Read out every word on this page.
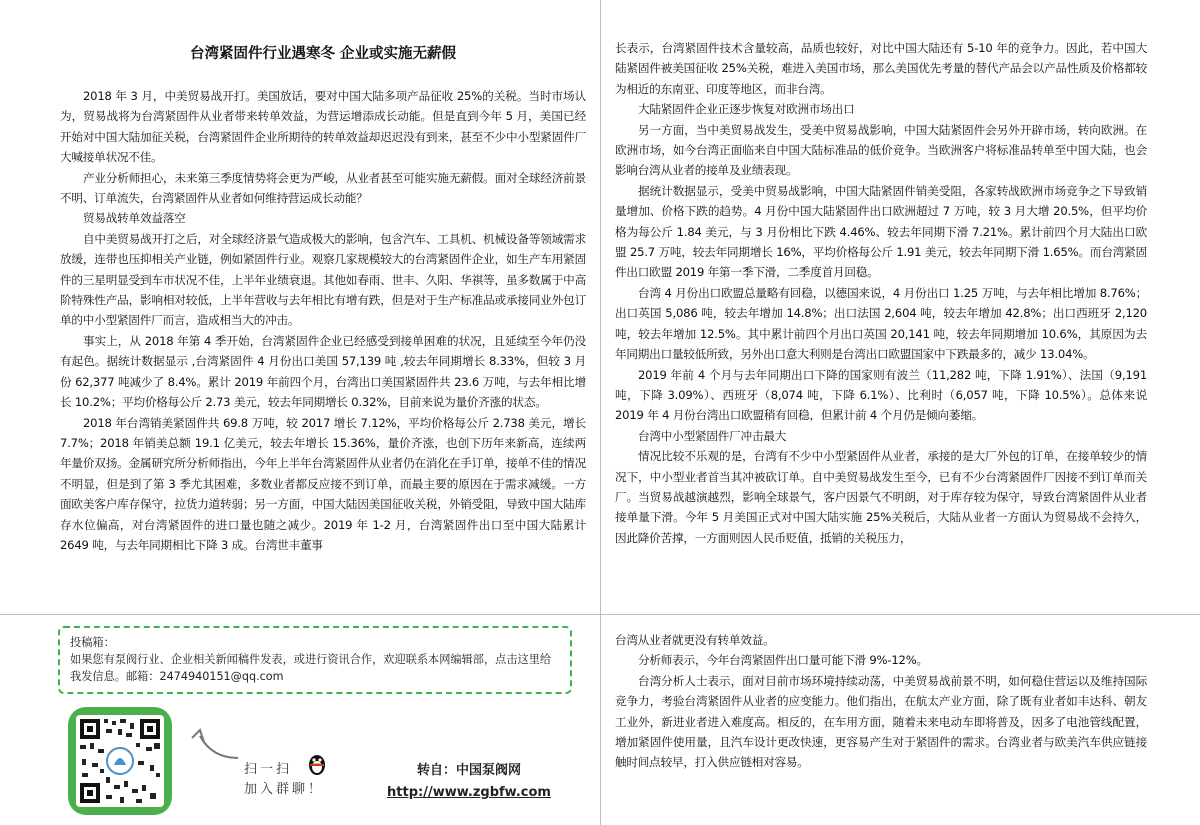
台湾紧固件行业遇寒冬 企业或实施无薪假

2018 年 3 月，中美贸易战开打。美国放话，要对中国大陆多项产品征收 25%的关税。当时市场认为，贸易战将为台湾紧固件从业者带来转单效益，为营运增添成长动能。但是直到今年 5 月，美国已经开始对中国大陆加征关税，台湾紧固件企业所期待的转单效益却迟迟没有到来，甚至不少中小型紧固件厂大喊接单状况不佳。

产业分析师担心，未来第三季度情势将会更为严峻，从业者甚至可能实施无薪假。面对全球经济前景不明、订单流失，台湾紧固件从业者如何维持营运成长动能？

贸易战转单效益落空

自中美贸易战开打之后，对全球经济景气造成极大的影响，包含汽车、工具机、机械设备等领域需求放缓，连带也压抑相关产业链，例如紧固件行业。观察几家规模较大的台湾紧固件企业，如生产车用紧固件的三星明显受到车市状况不佳，上半年业绩衰退。其他如春雨、世丰、久阳、华祺等，虽多数属于中高阶特殊性产品，影响相对较低，上半年营收与去年相比有增有跌，但是对于生产标准品或承接同业外包订单的中小型紧固件厂而言，造成相当大的冲击。

事实上，从 2018 年第 4 季开始，台湾紧固件企业已经感受到接单困难的状况，且延续至今年仍没有起色。据统计数据显示 ,台湾紧固件 4 月份出口美国 57,139 吨 ,较去年同期增长 8.33%，但较 3 月份 62,377 吨减少了 8.4%。累计 2019 年前四个月，台湾出口美国紧固件共 23.6 万吨，与去年相比增长 10.2%；平均价格每公斤 2.73 美元，较去年同期增长 0.32%，目前来说为量价齐涨的状态。

2018 年台湾销美紧固件共 69.8 万吨，较 2017 增长 7.12%，平均价格每公斤 2.738 美元，增长 7.7%；2018 年销美总额 19.1 亿美元，较去年增长 15.36%，量价齐涨，也创下历年来新高，连续两年量价双扬。金属研究所分析师指出，今年上半年台湾紧固件从业者仍在消化在手订单，接单不佳的情况不明显，但是到了第 3 季尤其困难，多数业者都反应接不到订单，而最主要的原因在于需求减缓。一方面欧美客户库存保守，拉货力道转弱；另一方面，中国大陆因美国征收关税，外销受阻，导致中国大陆库存水位偏高，对台湾紧固件的进口量也随之减少。2019 年 1-2 月，台湾紧固件出口至中国大陆累计 2649 吨，与去年同期相比下降 3 成。台湾世丰董事

长表示，台湾紧固件技术含量较高，品质也较好，对比中国大陆还有 5-10 年的竞争力。因此，若中国大陆紧固件被美国征收 25%关税，难进入美国市场，那么美国优先考量的替代产品会以产品性质及价格都较为相近的东南亚、印度等地区，而非台湾。

大陆紧固件企业正逐步恢复对欧洲市场出口

另一方面，当中美贸易战发生，受美中贸易战影响，中国大陆紧固件会另外开辟市场，转向欧洲。在欧洲市场，如今台湾正面临来自中国大陆标准品的低价竞争。当欧洲客户将标准品转单至中国大陆，也会影响台湾从业者的接单及业绩表现。

据统计数据显示，受美中贸易战影响，中国大陆紧固件销美受阻，各家转战欧洲市场竞争之下导致销量增加、价格下跌的趋势。4 月份中国大陆紧固件出口欧洲超过 7 万吨，较 3 月大增 20.5%，但平均价格为每公斤 1.84 美元，与 3 月份相比下跌 4.46%、较去年同期下滑 7.21%。累计前四个月大陆出口欧盟 25.7 万吨，较去年同期增长 16%，平均价格每公斤 1.91 美元，较去年同期下滑 1.65%。而台湾紧固件出口欧盟 2019 年第一季下滑，二季度首月回稳。

台湾 4 月份出口欧盟总量略有回稳，以德国来说，4 月份出口 1.25 万吨，与去年相比增加 8.76%；出口英国 5,086 吨，较去年增加 14.8%；出口法国 2,604 吨，较去年增加 42.8%；出口西班牙 2,120 吨，较去年增加 12.5%。其中累计前四个月出口英国 20,141 吨，较去年同期增加 10.6%，其原因为去年同期出口量较低所致，另外出口意大利则是台湾出口欧盟国家中下跌最多的，减少 13.04%。

2019 年前 4 个月与去年同期出口下降的国家则有波兰（11,282 吨，下降 1.91%）、法国（9,191 吨，下降 3.09%）、西班牙（8,074 吨，下降 6.1%）、比利时（6,057 吨，下降 10.5%）。总体来说 2019 年 4 月份台湾出口欧盟稍有回稳，但累计前 4 个月仍是倾向萎缩。

台湾中小型紧固件厂冲击最大

情况比较不乐观的是，台湾有不少中小型紧固件从业者，承接的是大厂外包的订单，在接单较少的情况下，中小型业者首当其冲被砍订单。自中美贸易战发生至今，已有不少台湾紧固件厂因接不到订单而关厂。当贸易战越演越烈，影响全球景气，客户因景气不明朗，对于库存较为保守，导致台湾紧固件从业者接单量下滑。今年 5 月美国正式对中国大陆实施 25%关税后，大陆从业者一方面认为贸易战不会持久，因此降价苦撑，一方面则因人民币贬值，抵销的关税压力，

台湾从业者就更没有转单效益。

分析师表示，今年台湾紧固件出口量可能下滑 9%-12%。

台湾分析人士表示，面对目前市场环境持续动荡，中美贸易战前景不明，如何稳住营运以及维持国际竞争力，考验台湾紧固件从业者的应变能力。他们指出，在航太产业方面，除了既有业者如丰达科、朝友工业外，新进业者进入难度高。相反的，在车用方面，随着未来电动车即将普及，因多了电池管线配置，增加紧固件使用量，且汽车设计更改快速，更容易产生对于紧固件的需求。台湾业者与欧美汽车供应链接触时间点较早，打入供应链相对容易。

投稿箱：
如果您有泵阀行业、企业相关新闻稿件发表，或进行资讯合作，欢迎联系本网编辑部，点击这里给我发信息。邮箱：2474940151@qq.com
扫一扫
加入群聊！
转自：中国泵阀网
http://www.zgbfw.com
